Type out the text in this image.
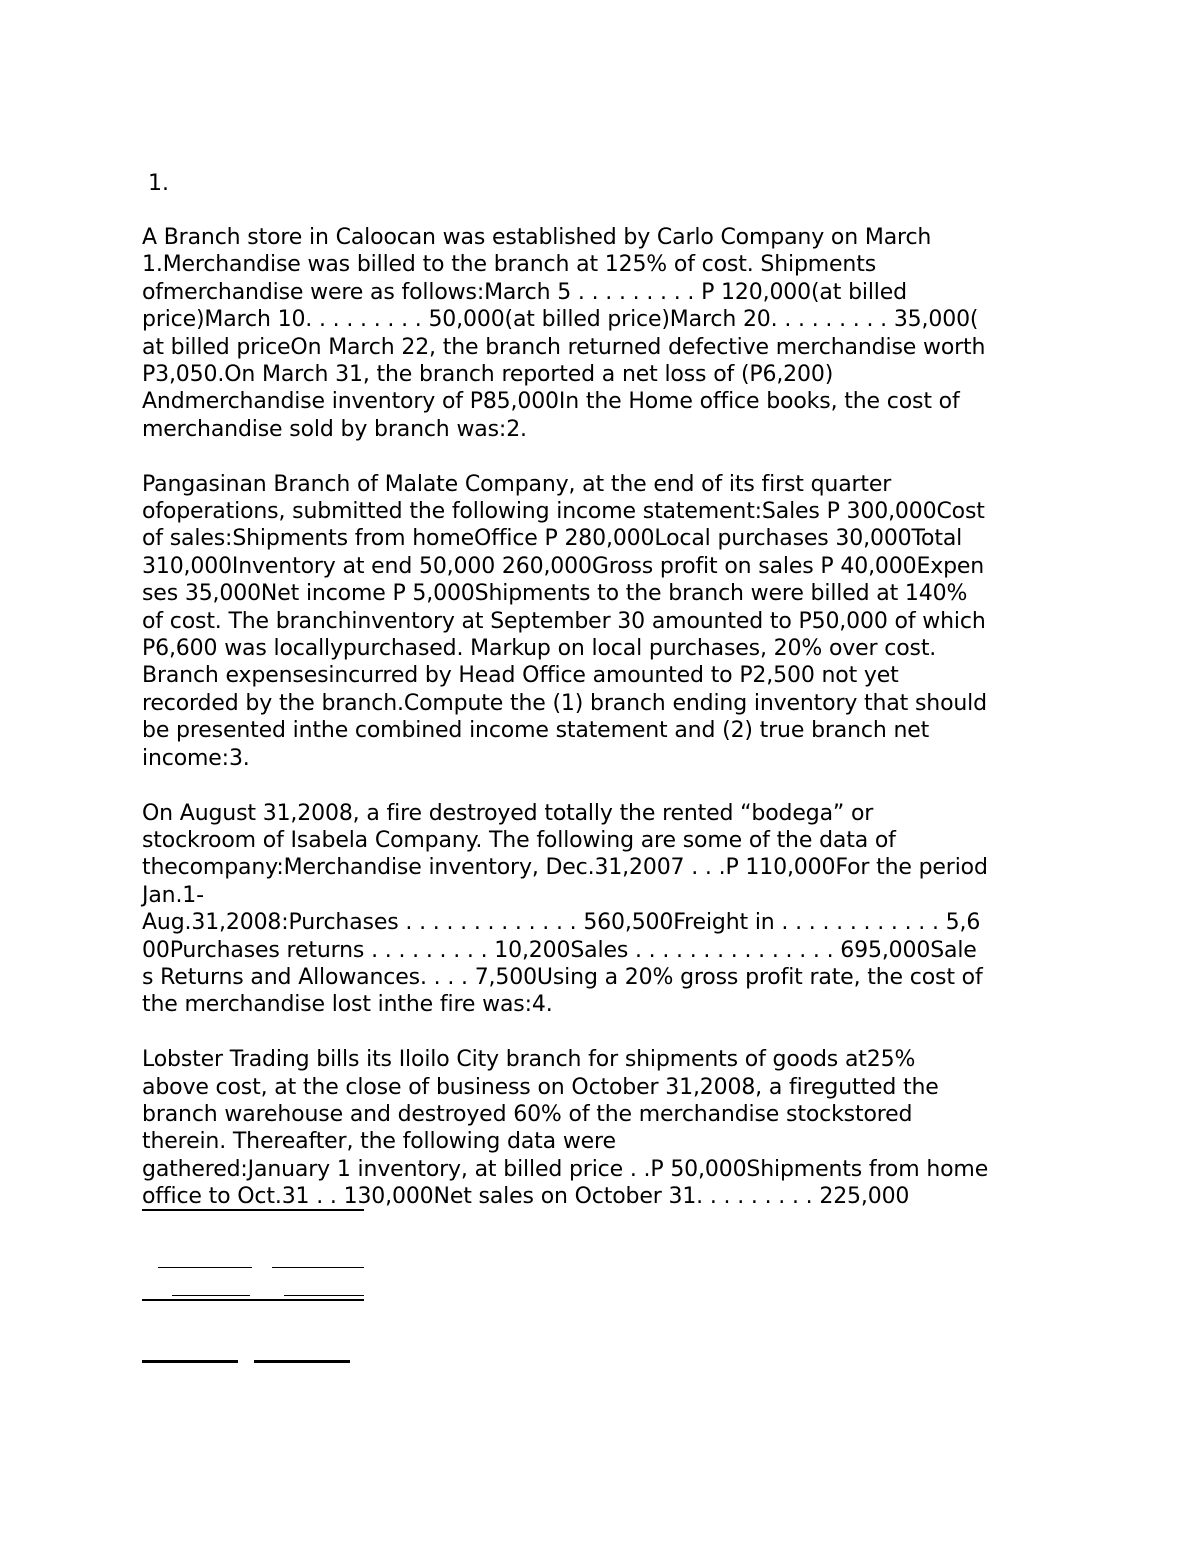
1.

A Branch store in Caloocan was established by Carlo Company on March
1.Merchandise was billed to the branch at 125% of cost. Shipments
ofmerchandise were as follows:March 5 . . . . . . . . . P 120,000(at billed
price)March 10. . . . . . . . . 50,000(at billed price)March 20. . . . . . . . . 35,000(
at billed priceOn March 22, the branch returned defective merchandise worth
P3,050.On March 31, the branch reported a net loss of (P6,200)
Andmerchandise inventory of P85,000In the Home office books, the cost of
merchandise sold by branch was:2.

Pangasinan Branch of Malate Company, at the end of its first quarter
ofoperations, submitted the following income statement:Sales P 300,000Cost
of sales:Shipments from homeOffice P 280,000Local purchases 30,000Total
310,000Inventory at end 50,000 260,000Gross profit on sales P 40,000Expen
ses 35,000Net income P 5,000Shipments to the branch were billed at 140%
of cost. The branchinventory at September 30 amounted to P50,000 of which
P6,600 was locallypurchased. Markup on local purchases, 20% over cost.
Branch expensesincurred by Head Office amounted to P2,500 not yet
recorded by the branch.Compute the (1) branch ending inventory that should
be presented inthe combined income statement and (2) true branch net
income:3.

On August 31,2008, a fire destroyed totally the rented “bodega” or
stockroom of Isabela Company. The following are some of the data of
thecompany:Merchandise inventory, Dec.31,2007 . . .P 110,000For the period
Jan.1-
Aug.31,2008:Purchases . . . . . . . . . . . . . 560,500Freight in . . . . . . . . . . . . 5,6
00Purchases returns . . . . . . . . . 10,200Sales . . . . . . . . . . . . . . . 695,000Sale
s Returns and Allowances. . . . 7,500Using a 20% gross profit rate, the cost of
the merchandise lost inthe fire was:4.

Lobster Trading bills its Iloilo City branch for shipments of goods at25%
above cost, at the close of business on October 31,2008, a firegutted the
branch warehouse and destroyed 60% of the merchandise stockstored
therein. Thereafter, the following data were
gathered:January 1 inventory, at billed price . .P 50,000Shipments from home
office to Oct.31 . . 130,000Net sales on October 31. . . . . . . . . 225,000
